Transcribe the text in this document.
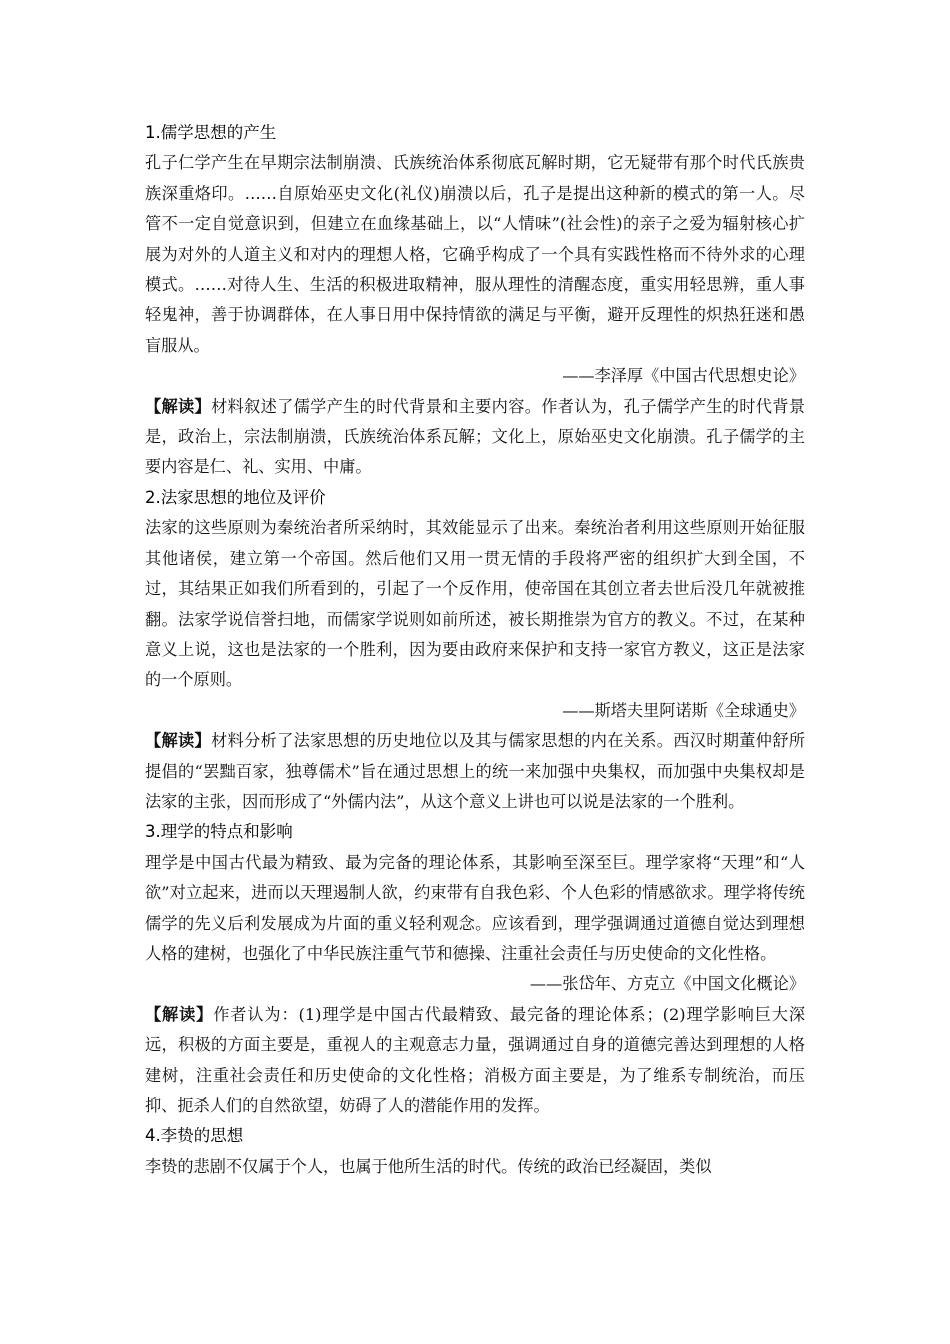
1.儒学思想的产生

孔子仁学产生在早期宗法制崩溃、氏族统治体系彻底瓦解时期，它无疑带有那个时代氏族贵族深重烙印。……自原始巫史文化(礼仪)崩溃以后，孔子是提出这种新的模式的第一人。尽管不一定自觉意识到，但建立在血缘基础上，以“人情味”(社会性)的亲子之爱为辐射核心扩展为对外的人道主义和对内的理想人格，它确乎构成了一个具有实践性格而不待外求的心理模式。……对待人生、生活的积极进取精神，服从理性的清醒态度，重实用轻思辨，重人事轻鬼神，善于协调群体，在人事日用中保持情欲的满足与平衡，避开反理性的炽热狂迷和愚盲服从。

——李泽厚《中国古代思想史论》

【解读】材料叙述了儒学产生的时代背景和主要内容。作者认为，孔子儒学产生的时代背景是，政治上，宗法制崩溃，氏族统治体系瓦解；文化上，原始巫史文化崩溃。孔子儒学的主要内容是仁、礼、实用、中庸。

2.法家思想的地位及评价

法家的这些原则为秦统治者所采纳时，其效能显示了出来。秦统治者利用这些原则开始征服其他诸侯，建立第一个帝国。然后他们又用一贯无情的手段将严密的组织扩大到全国，不过，其结果正如我们所看到的，引起了一个反作用，使帝国在其创立者去世后没几年就被推翻。法家学说信誉扫地，而儒家学说则如前所述，被长期推崇为官方的教义。不过，在某种意义上说，这也是法家的一个胜利，因为要由政府来保护和支持一家官方教义，这正是法家的一个原则。

——斯塔夫里阿诺斯《全球通史》

【解读】材料分析了法家思想的历史地位以及其与儒家思想的内在关系。西汉时期董仲舒所提倡的“罢黜百家，独尊儒术”旨在通过思想上的统一来加强中央集权，而加强中央集权却是法家的主张，因而形成了“外儒内法”，从这个意义上讲也可以说是法家的一个胜利。

3.理学的特点和影响

理学是中国古代最为精致、最为完备的理论体系，其影响至深至巨。理学家将“天理”和“人欲”对立起来，进而以天理遏制人欲，约束带有自我色彩、个人色彩的情感欲求。理学将传统儒学的先义后利发展成为片面的重义轻利观念。应该看到，理学强调通过道德自觉达到理想人格的建树，也强化了中华民族注重气节和德操、注重社会责任与历史使命的文化性格。

——张岱年、方克立《中国文化概论》

【解读】作者认为：(1)理学是中国古代最精致、最完备的理论体系；(2)理学影响巨大深远，积极的方面主要是，重视人的主观意志力量，强调通过自身的道德完善达到理想的人格建树，注重社会责任和历史使命的文化性格；消极方面主要是，为了维系专制统治，而压抑、扼杀人们的自然欲望，妨碍了人的潜能作用的发挥。

4.李贽的思想

李贽的悲剧不仅属于个人，也属于他所生活的时代。传统的政治已经凝固，类似
